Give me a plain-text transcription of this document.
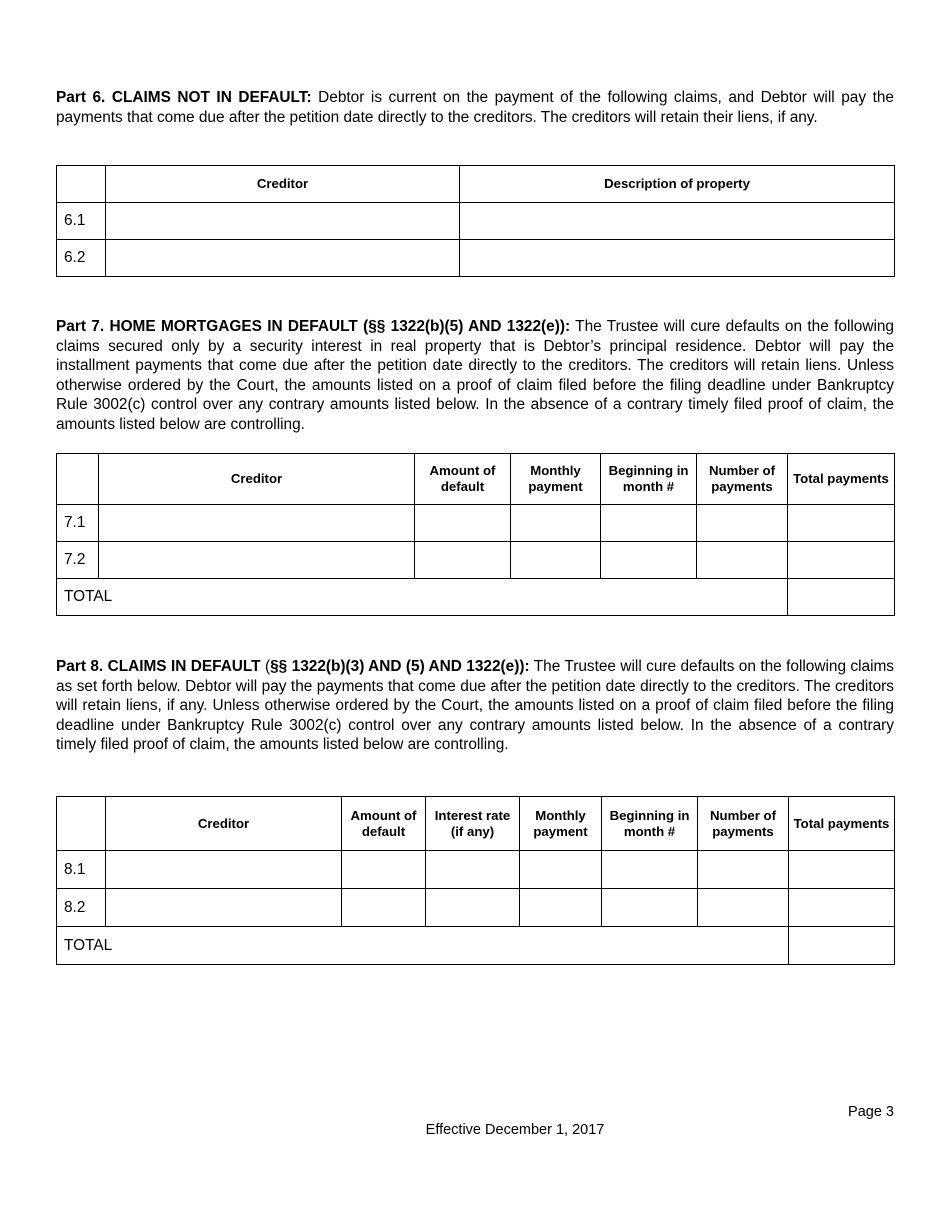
Part 6. CLAIMS NOT IN DEFAULT: Debtor is current on the payment of the following claims, and Debtor will pay the payments that come due after the petition date directly to the creditors. The creditors will retain their liens, if any.
	Creditor	Description of property
6.1		
6.2		
Part 7. HOME MORTGAGES IN DEFAULT (§§ 1322(b)(5) AND 1322(e)): The Trustee will cure defaults on the following claims secured only by a security interest in real property that is Debtor’s principal residence. Debtor will pay the installment payments that come due after the petition date directly to the creditors. The creditors will retain liens. Unless otherwise ordered by the Court, the amounts listed on a proof of claim filed before the filing deadline under Bankruptcy Rule 3002(c) control over any contrary amounts listed below. In the absence of a contrary timely filed proof of claim, the amounts listed below are controlling.
	Creditor	Amount of default	Monthly payment	Beginning in month #	Number of payments	Total payments
7.1						
7.2						
TOTAL						
Part 8. CLAIMS IN DEFAULT (§§ 1322(b)(3) AND (5) AND 1322(e)): The Trustee will cure defaults on the following claims as set forth below. Debtor will pay the payments that come due after the petition date directly to the creditors. The creditors will retain liens, if any. Unless otherwise ordered by the Court, the amounts listed on a proof of claim filed before the filing deadline under Bankruptcy Rule 3002(c) control over any contrary amounts listed below. In the absence of a contrary timely filed proof of claim, the amounts listed below are controlling.
	Creditor	Amount of default	Interest rate (if any)	Monthly payment	Beginning in month #	Number of payments	Total payments
8.1							
8.2							
TOTAL							
Page 3
Effective December 1, 2017
